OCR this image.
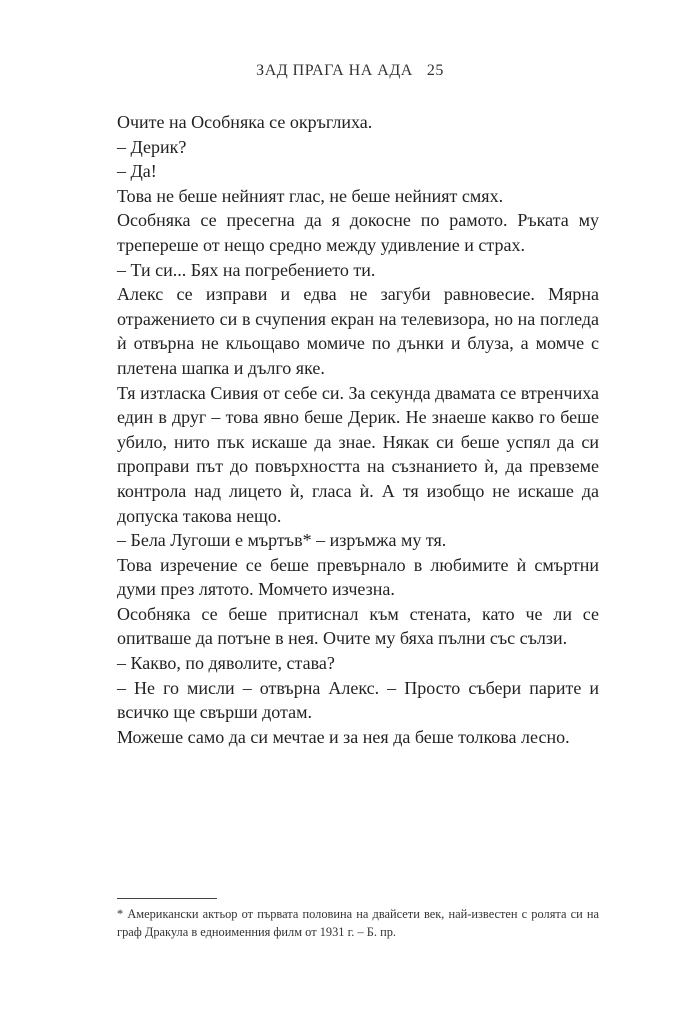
ЗАД ПРАГА НА АДА 25

Очите на Особняка се окръглиха.

– Дерик?

– Да!

Това не беше нейният глас, не беше нейният смях.

Особняка се пресегна да я докосне по рамото. Ръката му трепереше от нещо средно между удивление и страх.

– Ти си... Бях на погребението ти.

Алекс се изправи и едва не загуби равновесие. Мярна отражението си в счупения екран на телевизора, но на погледа ѝ отвърна не кльощаво момиче по дънки и блуза, а момче с плетена шапка и дълго яке.

Тя изтласка Сивия от себе си. За секунда двамата се втренчиха един в друг – това явно беше Дерик. Не знаеше какво го беше убило, нито пък искаше да знае. Някак си беше успял да си проправи път до повърхността на съзнанието ѝ, да превземе контрола над лицето ѝ, гласа ѝ. А тя изобщо не искаше да допуска такова нещо.

– Бела Лугоши е мъртъв* – изръмжа му тя.

Това изречение се беше превърнало в любимите ѝ смъртни думи през лятото. Момчето изчезна.

Особняка се беше притиснал към стената, като че ли се опитваше да потъне в нея. Очите му бяха пълни със сълзи.

– Какво, по дяволите, става?

– Не го мисли – отвърна Алекс. – Просто събери парите и всичко ще свърши дотам.

Можеше само да си мечтае и за нея да беше толкова лесно.

* Американски актьор от първата половина на двайсети век, най-известен с ролята си на граф Дракула в едноименния филм от 1931 г. – Б. пр.
